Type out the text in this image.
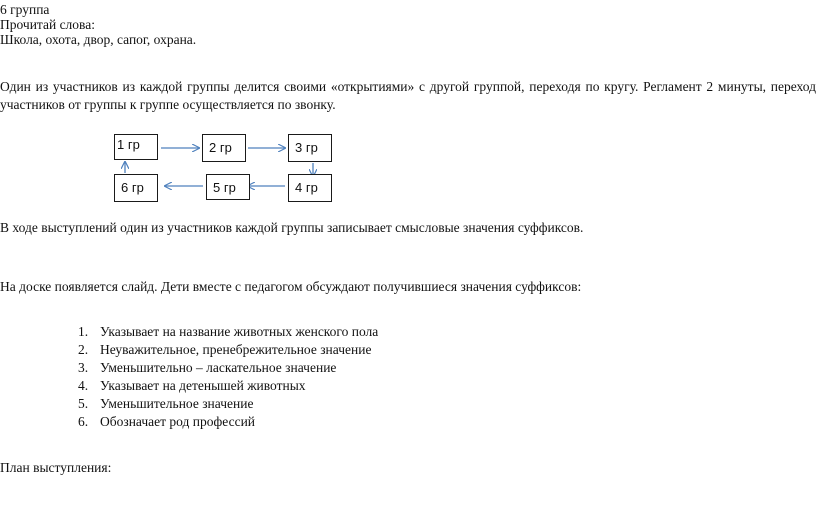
6 группа
Прочитай слова:
Школа, охота, двор, сапог, охрана.
Один из участников из каждой группы делится своими «открытиями» с другой группой, переходя по кругу. Регламент 2 минуты, переход участников от группы к группе осуществляется по звонку.
1 гр	2 гр	3 гр
4 гр
5 гр
6 гр
В ходе выступлений один из участников каждой группы записывает смысловые значения суффиксов.
На доске появляется слайд. Дети вместе с педагогом обсуждают получившиеся значения суффиксов:
1. Указывает на название животных женского пола
2. Неуважительное, пренебрежительное значение
3. Уменьшительно – ласкательное значение
4. Указывает на детенышей животных
5. Уменьшительное значение
6. Обозначает род профессий
План выступления:
